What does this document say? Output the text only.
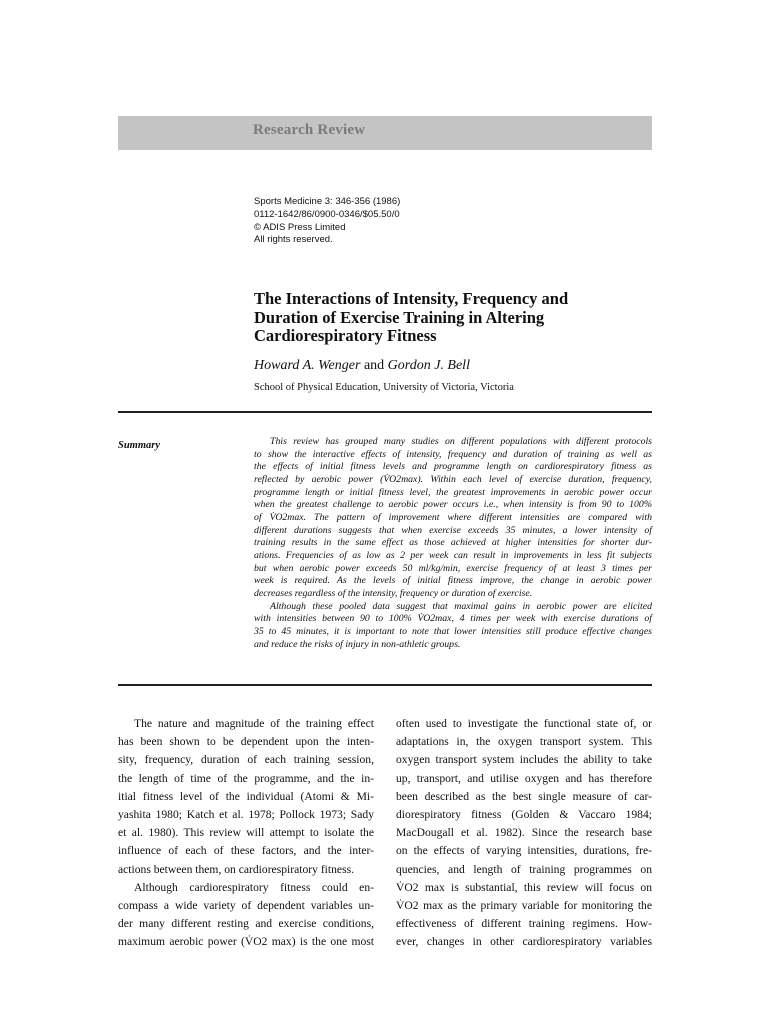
Research Review
Sports Medicine 3: 346-356 (1986)
0112-1642/86/0900-0346/$05.50/0
© ADIS Press Limited
All rights reserved.
The Interactions of Intensity, Frequency and
Duration of Exercise Training in Altering
Cardiorespiratory Fitness
Howard A. Wenger and Gordon J. Bell
School of Physical Education, University of Victoria, Victoria
Summary	This review has grouped many studies on different populations with different protocols
to show the interactive effects of intensity, frequency and duration of training as well as
the effects of initial fitness levels and programme length on cardiorespiratory fitness as
reflected by aerobic power (V̇O2max). Within each level of exercise duration, frequency,
programme length or initial fitness level, the greatest improvements in aerobic power occur
when the greatest challenge to aerobic power occurs i.e., when intensity is from 90 to 100%
of V̇O2max. The pattern of improvement where different intensities are compared with
different durations suggests that when exercise exceeds 35 minutes, a lower intensity of
training results in the same effect as those achieved at higher intensities for shorter dur-
ations. Frequencies of as low as 2 per week can result in improvements in less fit subjects
but when aerobic power exceeds 50 ml/kg/min, exercise frequency of at least 3 times per
week is required. As the levels of initial fitness improve, the change in aerobic power
decreases regardless of the intensity, frequency or duration of exercise.
Although these pooled data suggest that maximal gains in aerobic power are elicited
with intensities between 90 to 100% V̇O2max, 4 times per week with exercise durations of
35 to 45 minutes, it is important to note that lower intensities still produce effective changes
and reduce the risks of injury in non-athletic groups.
The nature and magnitude of the training effect
has been shown to be dependent upon the inten-
sity, frequency, duration of each training session,
the length of time of the programme, and the in-
itial fitness level of the individual (Atomi & Mi-
yashita 1980; Katch et al. 1978; Pollock 1973; Sady
et al. 1980). This review will attempt to isolate the
influence of each of these factors, and the inter-
actions between them, on cardiorespiratory fitness.
Although cardiorespiratory fitness could en-
compass a wide variety of dependent variables un-
der many different resting and exercise conditions,
maximum aerobic power (V̇O2 max) is the one most
often used to investigate the functional state of, or
adaptations in, the oxygen transport system. This
oxygen transport system includes the ability to take
up, transport, and utilise oxygen and has therefore
been described as the best single measure of car-
diorespiratory fitness (Golden & Vaccaro 1984;
MacDougall et al. 1982). Since the research base
on the effects of varying intensities, durations, fre-
quencies, and length of training programmes on
V̇O2 max is substantial, this review will focus on
V̇O2 max as the primary variable for monitoring the
effectiveness of different training regimens. How-
ever, changes in other cardiorespiratory variables
